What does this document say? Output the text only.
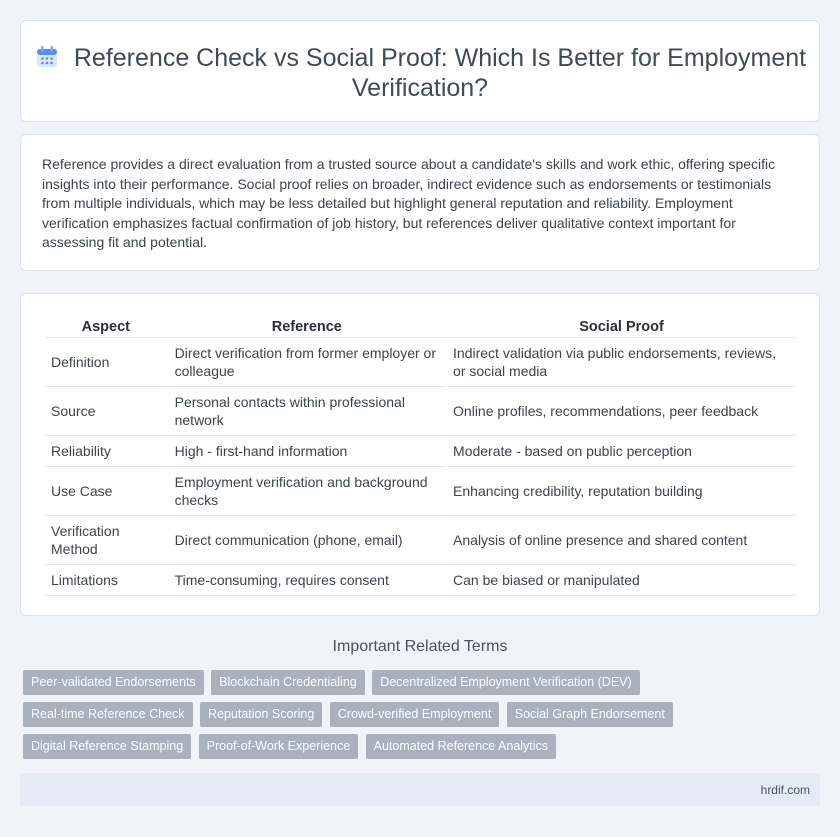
Reference Check vs Social Proof: Which Is Better for Employment Verification?

Reference provides a direct evaluation from a trusted source about a candidate's skills and work ethic, offering specific insights into their performance. Social proof relies on broader, indirect evidence such as endorsements or testimonials from multiple individuals, which may be less detailed but highlight general reputation and reliability. Employment verification emphasizes factual confirmation of job history, but references deliver qualitative context important for assessing fit and potential.

Aspect	Reference	Social Proof
Definition	Direct verification from former employer or colleague	Indirect validation via public endorsements, reviews, or social media
Source	Personal contacts within professional network	Online profiles, recommendations, peer feedback
Reliability	High - first-hand information	Moderate - based on public perception
Use Case	Employment verification and background checks	Enhancing credibility, reputation building
Verification Method	Direct communication (phone, email)	Analysis of online presence and shared content
Limitations	Time-consuming, requires consent	Can be biased or manipulated
Important Related Terms
Peer-validated Endorsements Blockchain Credentialing Decentralized Employment Verification (DEV) Real-time Reference Check Reputation Scoring Crowd-verified Employment Social Graph Endorsement Digital Reference Stamping Proof-of-Work Experience Automated Reference Analytics
hrdif.com
